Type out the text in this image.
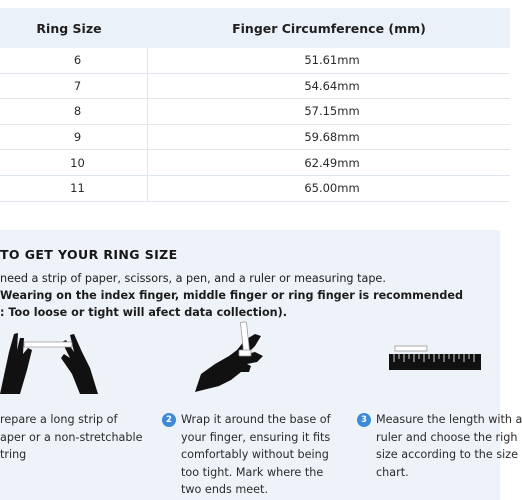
Ring Size	Finger Circumference (mm)
6	51.61mm
7	54.64mm
8	57.15mm
9	59.68mm
10	62.49mm
11	65.00mm
TO GET YOUR RING SIZE
need a strip of paper, scissors, a pen, and a ruler or measuring tape.
Wearing on the index finger, middle finger or ring finger is recommended
: Too loose or tight will afect data collection).
repare a long strip of
aper or a non-stretchable
tring
2 Wrap it around the base of
your finger, ensuring it fits
comfortably without being
too tight. Mark where the
two ends meet.
3 Measure the length with a
ruler and choose the righ
size according to the size
chart.
